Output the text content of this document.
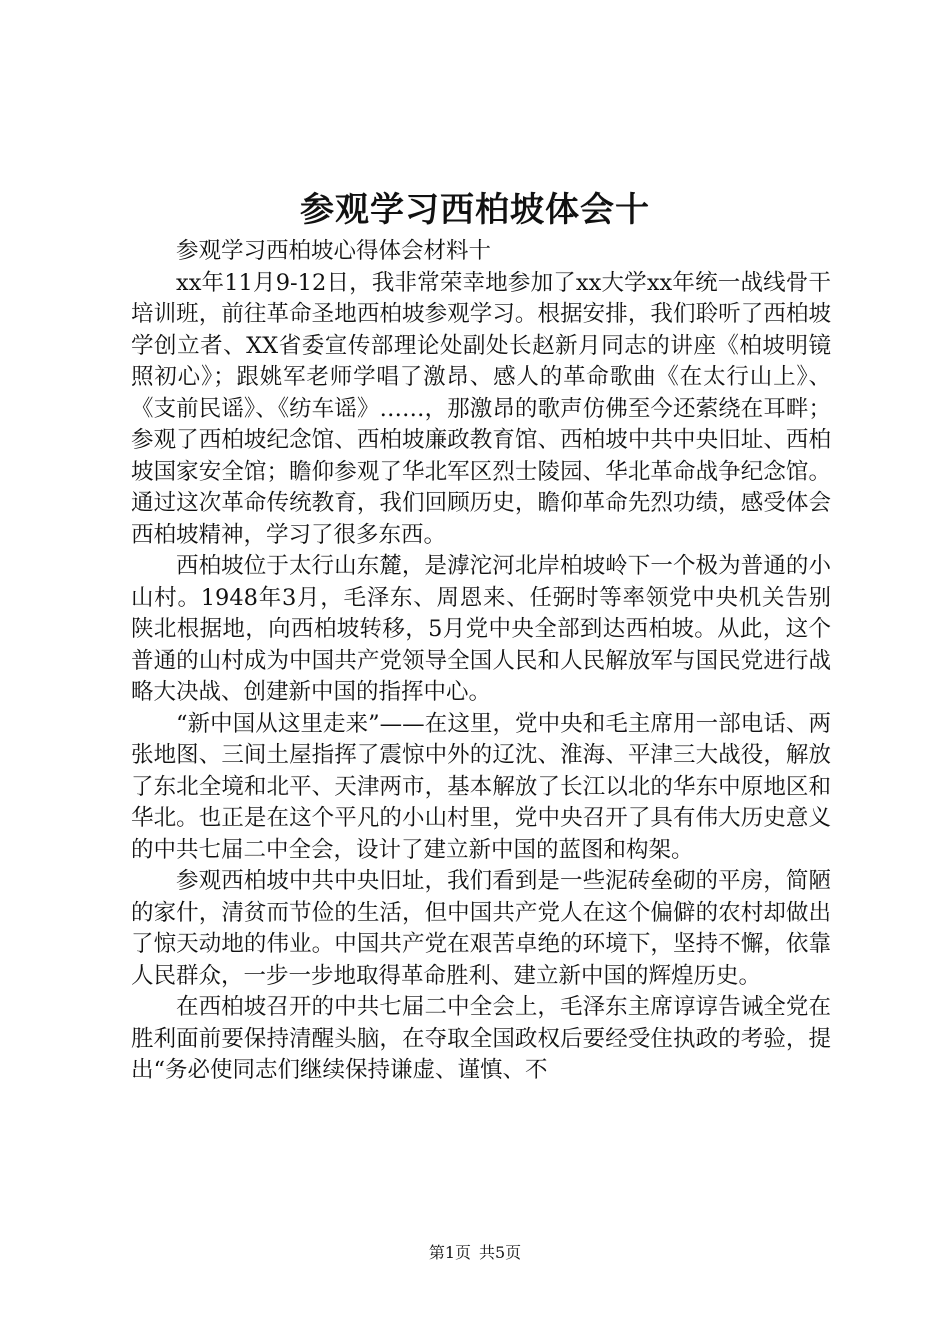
参观学习西柏坡体会十

参观学习西柏坡心得体会材料十

xx年11月9-12日，我非常荣幸地参加了xx大学xx年统一战线骨干培训班，前往革命圣地西柏坡参观学习。根据安排，我们聆听了西柏坡学创立者、XX省委宣传部理论处副处长赵新月同志的讲座《柏坡明镜照初心》；跟姚军老师学唱了激昂、感人的革命歌曲《在太行山上》、《支前民谣》、《纺车谣》……，那激昂的歌声仿佛至今还萦绕在耳畔；参观了西柏坡纪念馆、西柏坡廉政教育馆、西柏坡中共中央旧址、西柏坡国家安全馆；瞻仰参观了华北军区烈士陵园、华北革命战争纪念馆。通过这次革命传统教育，我们回顾历史，瞻仰革命先烈功绩，感受体会西柏坡精神，学习了很多东西。

西柏坡位于太行山东麓，是滹沱河北岸柏坡岭下一个极为普通的小山村。1948年3月，毛泽东、周恩来、任弼时等率领党中央机关告别陕北根据地，向西柏坡转移，5月党中央全部到达西柏坡。从此，这个普通的山村成为中国共产党领导全国人民和人民解放军与国民党进行战略大决战、创建新中国的指挥中心。

“新中国从这里走来”——在这里，党中央和毛主席用一部电话、两张地图、三间土屋指挥了震惊中外的辽沈、淮海、平津三大战役，解放了东北全境和北平、天津两市，基本解放了长江以北的华东中原地区和华北。也正是在这个平凡的小山村里，党中央召开了具有伟大历史意义的中共七届二中全会，设计了建立新中国的蓝图和构架。

参观西柏坡中共中央旧址，我们看到是一些泥砖垒砌的平房，简陋的家什，清贫而节俭的生活，但中国共产党人在这个偏僻的农村却做出了惊天动地的伟业。中国共产党在艰苦卓绝的环境下，坚持不懈，依靠人民群众，一步一步地取得革命胜利、建立新中国的辉煌历史。

在西柏坡召开的中共七届二中全会上，毛泽东主席谆谆告诫全党在胜利面前要保持清醒头脑，在夺取全国政权后要经受住执政的考验，提出“务必使同志们继续保持谦虚、谨慎、不

第1页 共5页
